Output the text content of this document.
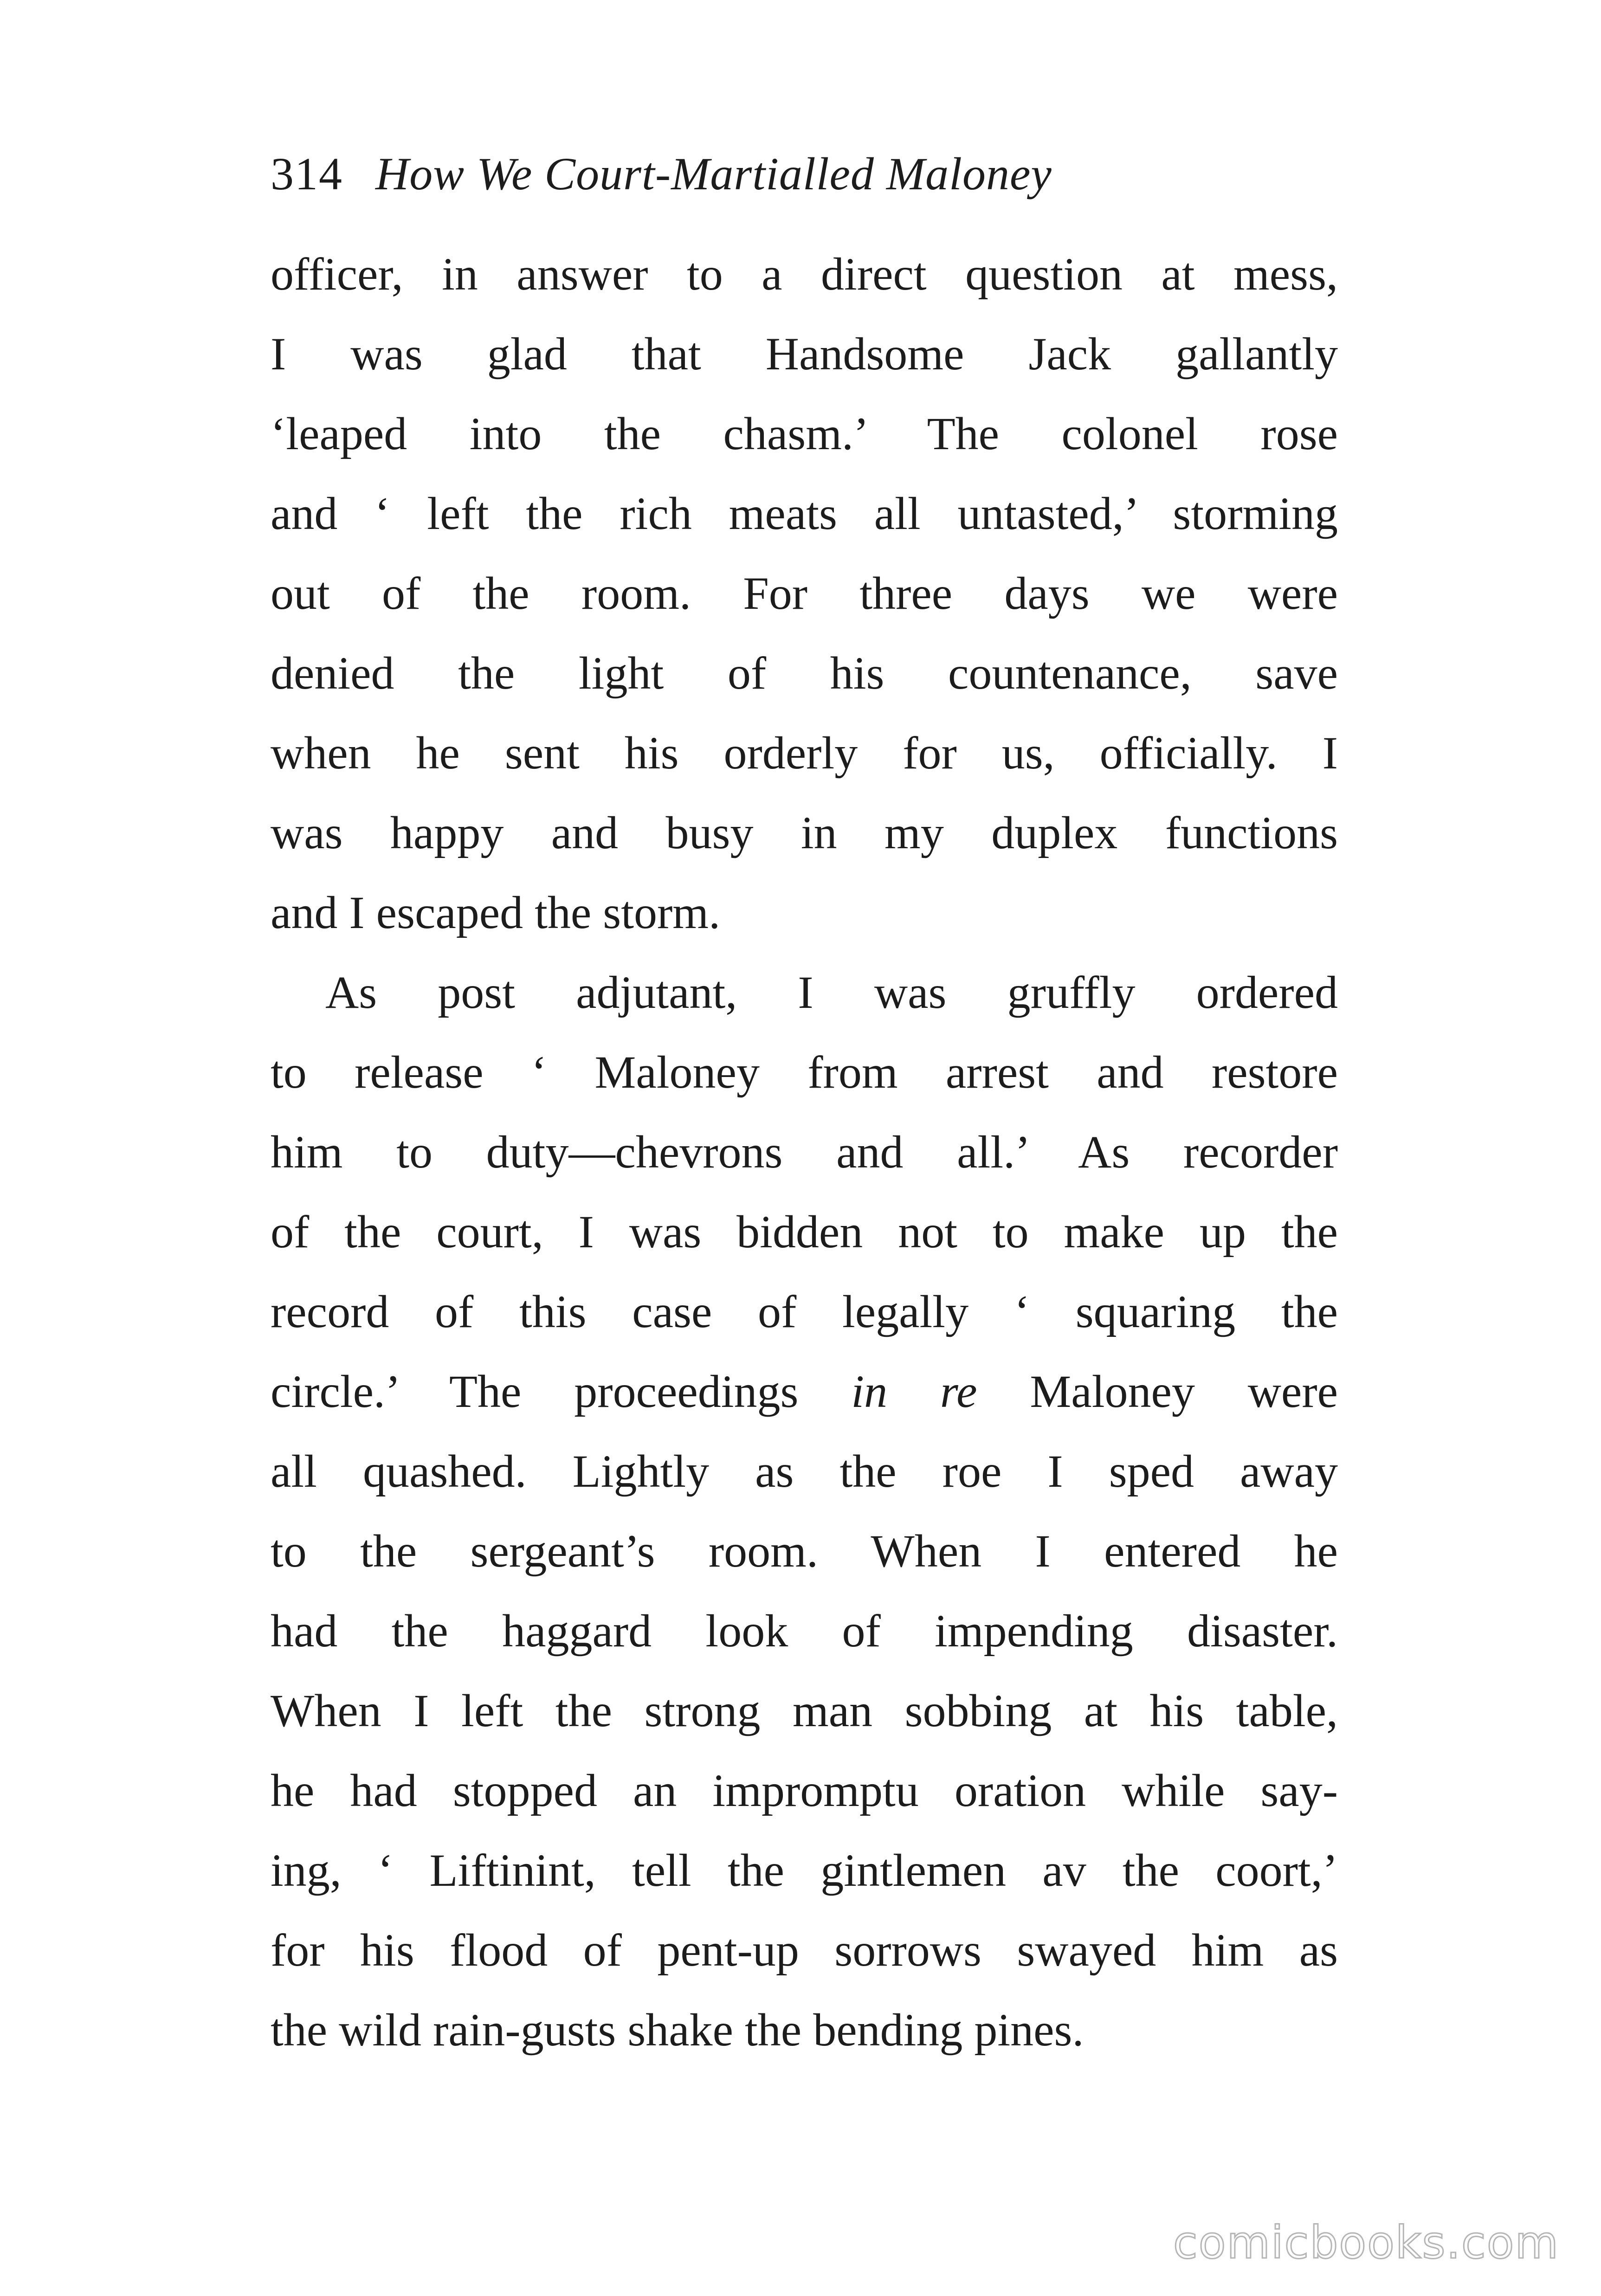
314 How We Court-Martialled Maloney
officer, in answer to a direct question at mess,
I was glad that Handsome Jack gallantly
‘leaped into the chasm.’ The colonel rose
and ‘ left the rich meats all untasted,’ storming
out of the room. For three days we were
denied the light of his countenance, save
when he sent his orderly for us, officially. I
was happy and busy in my duplex functions
and I escaped the storm.
As post adjutant, I was gruffly ordered
to release ‘ Maloney from arrest and restore
him to duty—chevrons and all.’ As recorder
of the court, I was bidden not to make up the
record of this case of legally ‘ squaring the
circle.’ The proceedings in re Maloney were
all quashed. Lightly as the roe I sped away
to the sergeant’s room. When I entered he
had the haggard look of impending disaster.
When I left the strong man sobbing at his table,
he had stopped an impromptu oration while say-
ing, ‘ Liftinint, tell the gintlemen av the coort,’
for his flood of pent-up sorrows swayed him as
the wild rain-gusts shake the bending pines.
comicbooks.com
